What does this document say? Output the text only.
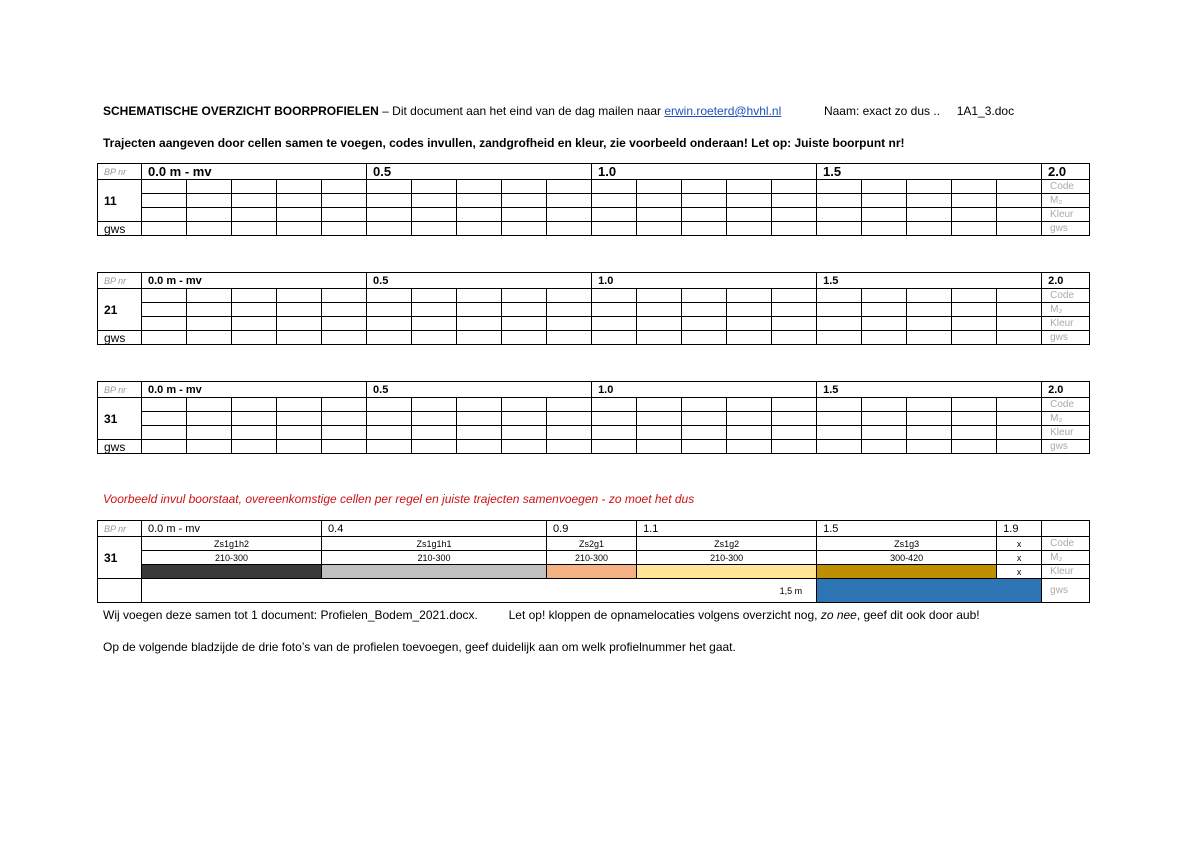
SCHEMATISCHE OVERZICHT BOORPROFIELEN – Dit document aan het eind van de dag mailen naar erwin.roeterd@hvhl.nl	Naam: exact zo dus .. 1A1_3.doc
Trajecten aangeven door cellen samen te voegen, codes invullen, zandgrofheid en kleur, zie voorbeeld onderaan! Let op: Juiste boorpunt nr!
BP nr	0.0 m - mv					0.5					1.0					1.5					2.0
11																					Code
																					M₂
																					Kleur
gws																					gws
BP nr	0.0 m - mv					0.5					1.0					1.5					2.0
21																					Code
																					M₂
																					Kleur
gws																					gws
BP nr	0.0 m - mv					0.5					1.0					1.5					2.0
31																					Code
																					M₂
																					Kleur
gws																					gws
Voorbeeld invul boorstaat, overeenkomstige cellen per regel en juiste trajecten samenvoegen - zo moet het dus
BP nr	0.0 m - mv	0.4	0.9	1.1	1.5	1.9	
31	Zs1g1h2	Zs1g1h1	Zs2g1	Zs1g2	Zs1g3	x	Code
	210-300	210-300	210-300	210-300	300-420	x	M₂
						x	Kleur
	1,5 m						gws
Wij voegen deze samen tot 1 document: Profielen_Bodem_2021.docx.	Let op! kloppen de opnamelocaties volgens overzicht nog, zo nee, geef dit ook door aub!
Op de volgende bladzijde de drie foto’s van de profielen toevoegen, geef duidelijk aan om welk profielnummer het gaat.
